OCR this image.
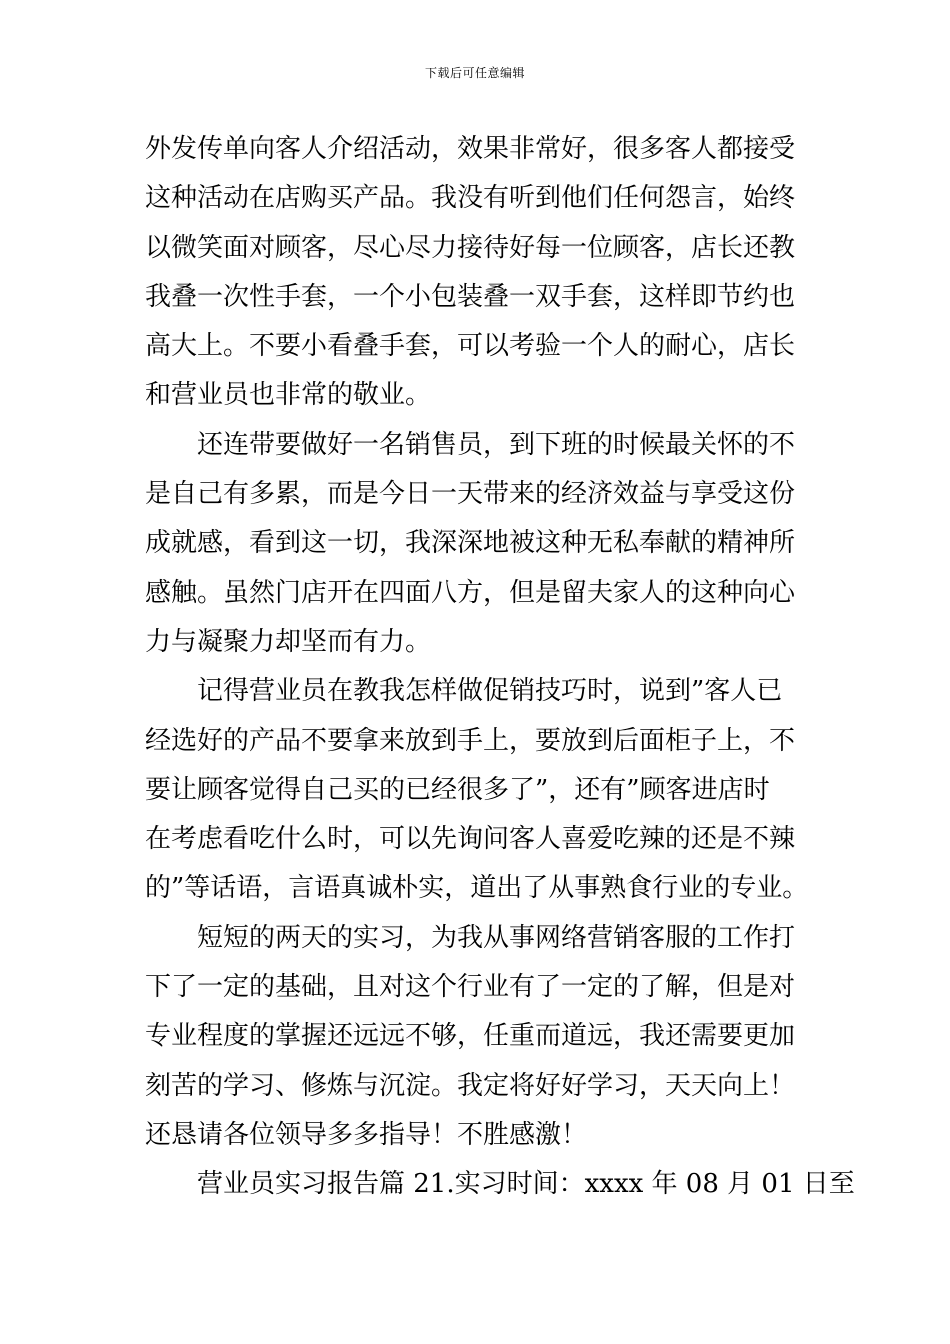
下载后可任意编辑
外发传单向客人介绍活动，效果非常好，很多客人都接受
这种活动在店购买产品。我没有听到他们任何怨言，始终
以微笑面对顾客，尽心尽力接待好每一位顾客，店长还教
我叠一次性手套，一个小包装叠一双手套，这样即节约也
高大上。不要小看叠手套，可以考验一个人的耐心，店长
和营业员也非常的敬业。
　　还连带要做好一名销售员，到下班的时候最关怀的不
是自己有多累，而是今日一天带来的经济效益与享受这份
成就感，看到这一切，我深深地被这种无私奉献的精神所
感触。虽然门店开在四面八方，但是留夫家人的这种向心
力与凝聚力却坚而有力。
　　记得营业员在教我怎样做促销技巧时，说到”客人已
经选好的产品不要拿来放到手上，要放到后面柜子上，不
要让顾客觉得自己买的已经很多了”，还有”顾客进店时
在考虑看吃什么时，可以先询问客人喜爱吃辣的还是不辣
的”等话语，言语真诚朴实，道出了从事熟食行业的专业。
　　短短的两天的实习，为我从事网络营销客服的工作打
下了一定的基础，且对这个行业有了一定的了解，但是对
专业程度的掌握还远远不够，任重而道远，我还需要更加
刻苦的学习、修炼与沉淀。我定将好好学习，天天向上！
还恳请各位领导多多指导！不胜感激！
　　营业员实习报告篇 21.实习时间：xxxx 年 08 月 01 日至
